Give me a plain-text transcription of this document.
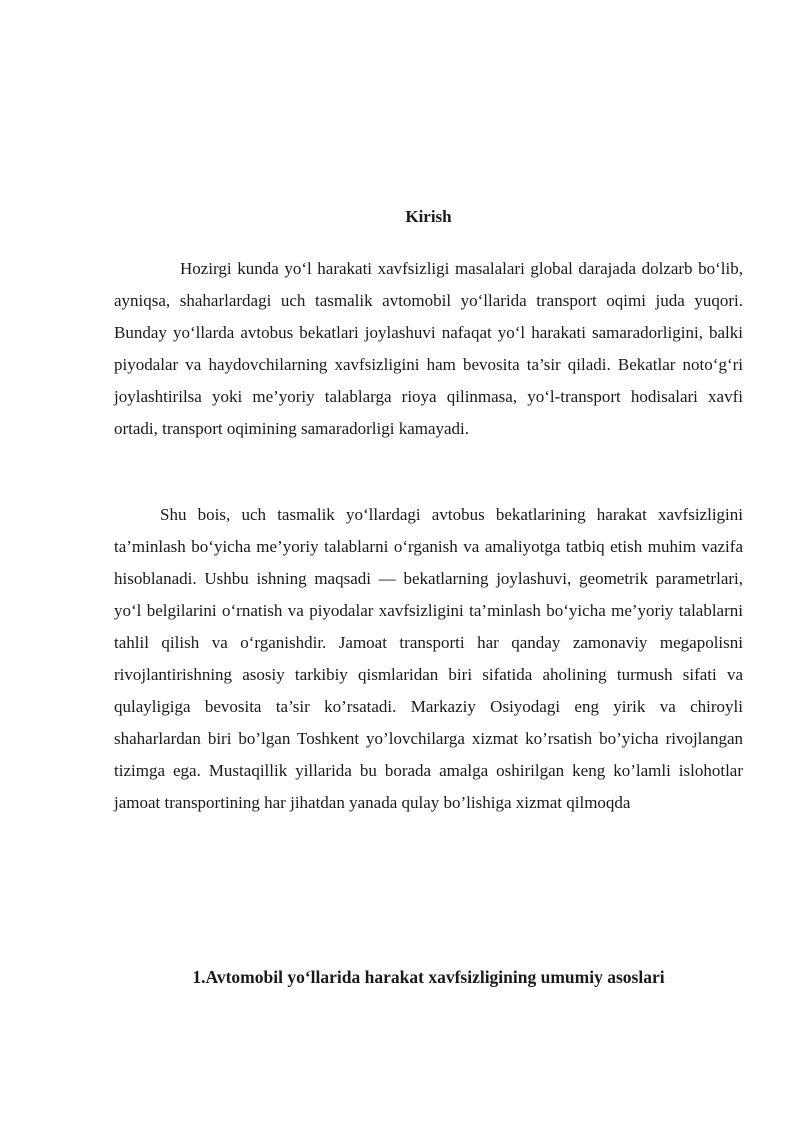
Kirish

Hozirgi kunda yo‘l harakati xavfsizligi masalalari global darajada dolzarb bo‘lib, ayniqsa, shaharlardagi uch tasmalik avtomobil yo‘llarida transport oqimi juda yuqori. Bunday yo‘llarda avtobus bekatlari joylashuvi nafaqat yo‘l harakati samaradorligini, balki piyodalar va haydovchilarning xavfsizligini ham bevosita ta’sir qiladi. Bekatlar noto‘g‘ri joylashtirilsa yoki me’yoriy talablarga rioya qilinmasa, yo‘l-transport hodisalari xavfi ortadi, transport oqimining samaradorligi kamayadi.

Shu bois, uch tasmalik yo‘llardagi avtobus bekatlarining harakat xavfsizligini ta’minlash bo‘yicha me’yoriy talablarni o‘rganish va amaliyotga tatbiq etish muhim vazifa hisoblanadi. Ushbu ishning maqsadi — bekatlarning joylashuvi, geometrik parametrlari, yo‘l belgilarini o‘rnatish va piyodalar xavfsizligini ta’minlash bo‘yicha me’yoriy talablarni tahlil qilish va o‘rganishdir. Jamoat transporti har qanday zamonaviy megapolisni rivojlantirishning asosiy tarkibiy qismlaridan biri sifatida aholining turmush sifati va qulayligiga bevosita ta’sir ko’rsatadi. Markaziy Osiyodagi eng yirik va chiroyli shaharlardan biri bo’lgan Toshkent yo’lovchilarga xizmat ko’rsatish bo’yicha rivojlangan tizimga ega. Mustaqillik yillarida bu borada amalga oshirilgan keng ko’lamli islohotlar jamoat transportining har jihatdan yanada qulay bo’lishiga xizmat qilmoqda

1.Avtomobil yo‘llarida harakat xavfsizligining umumiy asoslari
